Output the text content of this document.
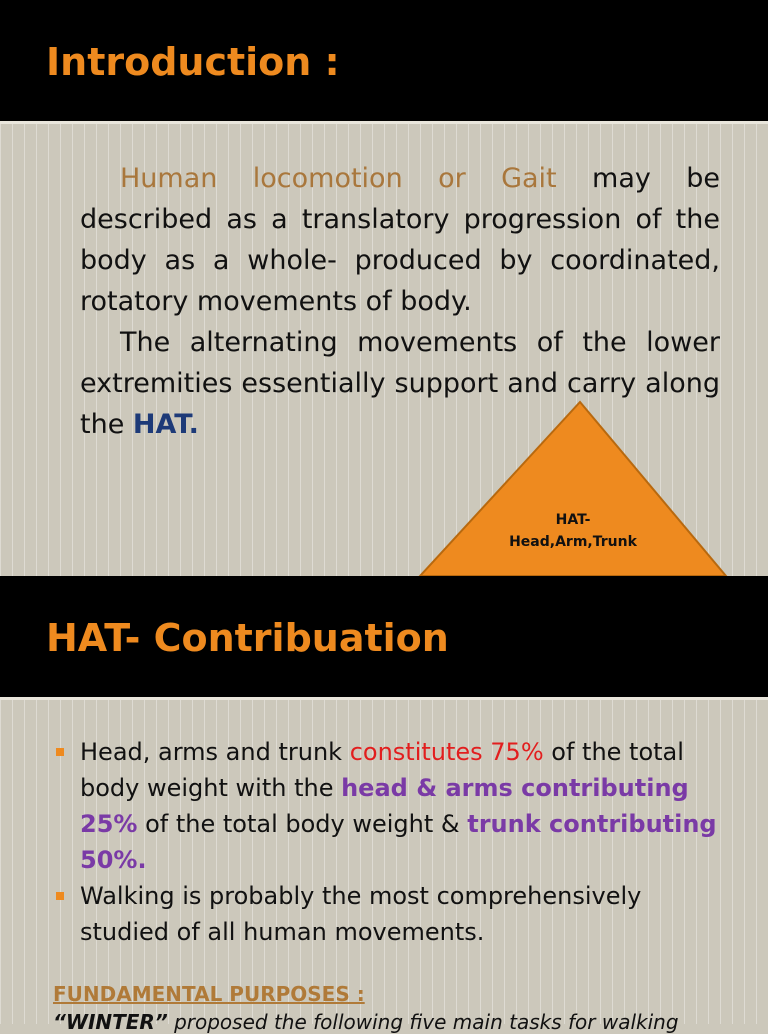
Introduction :

Human locomotion or Gait may be described as a translatory progression of the body as a whole- produced by coordinated, rotatory movements of body.

The alternating movements of the lower extremities essentially support and carry along the HAT.

HAT-
Head,Arm,Trunk
HAT- Contribuation
Head, arms and trunk constitutes 75% of the total body weight with the head & arms contributing 25% of the total body weight & trunk contributing 50%.
Walking is probably the most comprehensively studied of all human movements.

FUNDAMENTAL PURPOSES :

“WINTER” proposed the following five main tasks for walking
